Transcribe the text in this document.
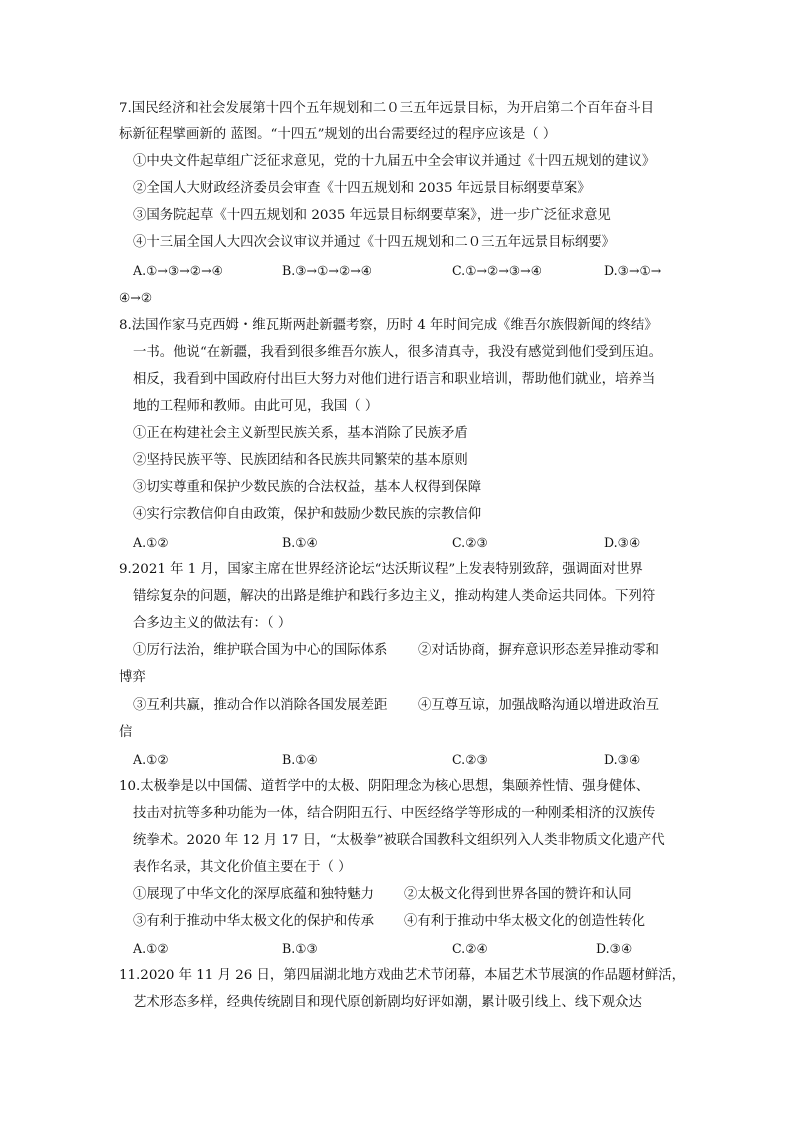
7.国民经济和社会发展第十四个五年规划和二０三五年远景目标，为开启第二个百年奋斗目
标新征程擘画新的 蓝图。“十四五”规划的出台需要经过的程序应该是（ ）
①中央文件起草组广泛征求意见，党的十九届五中全会审议并通过《十四五规划的建议》
②全国人大财政经济委员会审查《十四五规划和 2035 年远景目标纲要草案》
③国务院起草《十四五规划和 2035 年远景目标纲要草案》，进一步广泛征求意见
④十三届全国人大四次会议审议并通过《十四五规划和二０三五年远景目标纲要》
A.①→③→②→④	B.③→①→②→④	C.①→②→③→④	D.③→①→
④→②
8.法国作家马克西姆・维瓦斯两赴新疆考察，历时 4 年时间完成《维吾尔族假新闻的终结》
一书。他说“在新疆，我看到很多维吾尔族人，很多清真寺，我没有感觉到他们受到压迫。
相反，我看到中国政府付出巨大努力对他们进行语言和职业培训，帮助他们就业，培养当
地的工程师和教师。由此可见，我国（ ）
①正在构建社会主义新型民族关系，基本消除了民族矛盾
②坚持民族平等、民族团结和各民族共同繁荣的基本原则
③切实尊重和保护少数民族的合法权益，基本人权得到保障
④实行宗教信仰自由政策，保护和鼓励少数民族的宗教信仰
A.①②	B.①④	C.②③	D.③④
9.2021 年 1 月，国家主席在世界经济论坛“达沃斯议程”上发表特别致辞，强调面对世界
错综复杂的问题，解决的出路是维护和践行多边主义，推动构建人类命运共同体。下列符
合多边主义的做法有：（ ）
①厉行法治，维护联合国为中心的国际体系 ②对话协商，摒弃意识形态差异推动零和
博弈
③互利共赢，推动合作以消除各国发展差距 ④互尊互谅，加强战略沟通以增进政治互
信
A.①②	B.①④	C.②③	D.③④
10.太极拳是以中国儒、道哲学中的太极、阴阳理念为核心思想，集颐养性情、强身健体、
技击对抗等多种功能为一体，结合阴阳五行、中医经络学等形成的一种刚柔相济的汉族传
统拳术。2020 年 12 月 17 日，“太极拳”被联合国教科文组织列入人类非物质文化遗产代
表作名录，其文化价值主要在于（ ）
①展现了中华文化的深厚底蕴和独特魅力 ②太极文化得到世界各国的赞许和认同
③有利于推动中华太极文化的保护和传承 ④有利于推动中华太极文化的创造性转化
A.①②	B.①③	C.②④	D.③④
11.2020 年 11 月 26 日，第四届湖北地方戏曲艺术节闭幕，本届艺术节展演的作品题材鲜活，
艺术形态多样，经典传统剧目和现代原创新剧均好评如潮，累计吸引线上、线下观众达
